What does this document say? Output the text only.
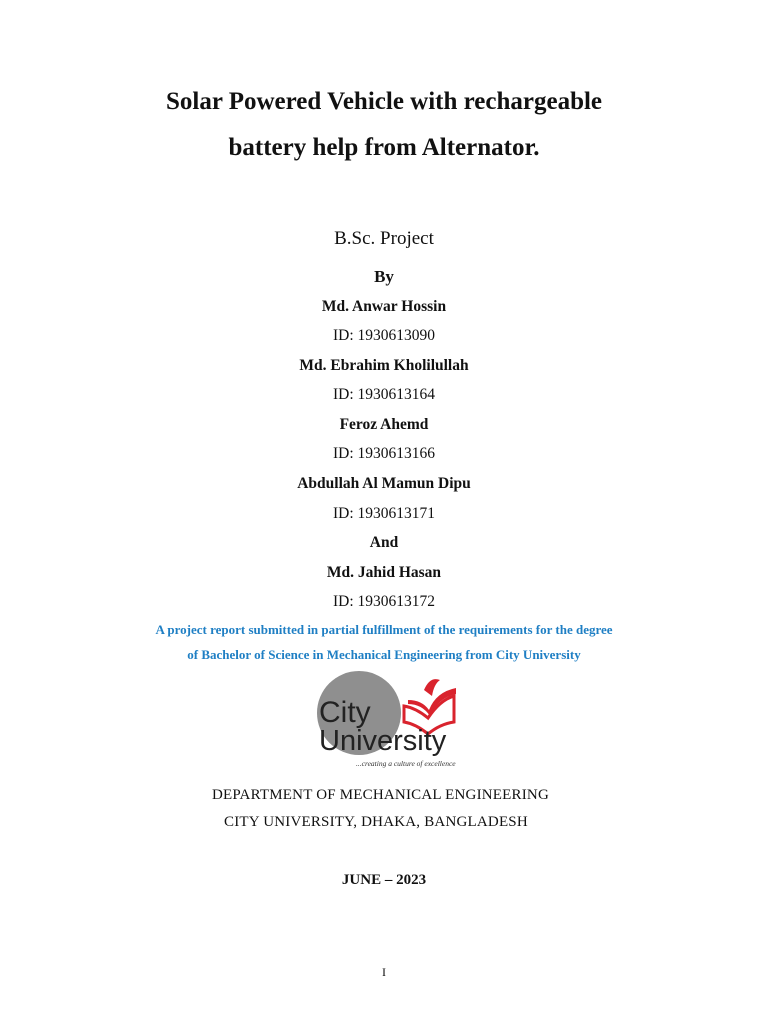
Solar Powered Vehicle with rechargeable
battery help from Alternator.
B.Sc. Project
By
Md. Anwar Hossin
ID: 1930613090
Md. Ebrahim Kholilullah
ID: 1930613164
Feroz Ahemd
ID: 1930613166
Abdullah Al Mamun Dipu
ID: 1930613171
And
Md. Jahid Hasan
ID: 1930613172
A project report submitted in partial fulfillment of the requirements for the degree
of Bachelor of Science in Mechanical Engineering from City University
City
University
...creating a culture of excellence
DEPARTMENT OF MECHANICAL ENGINEERING
CITY UNIVERSITY, DHAKA, BANGLADESH
JUNE – 2023
I
